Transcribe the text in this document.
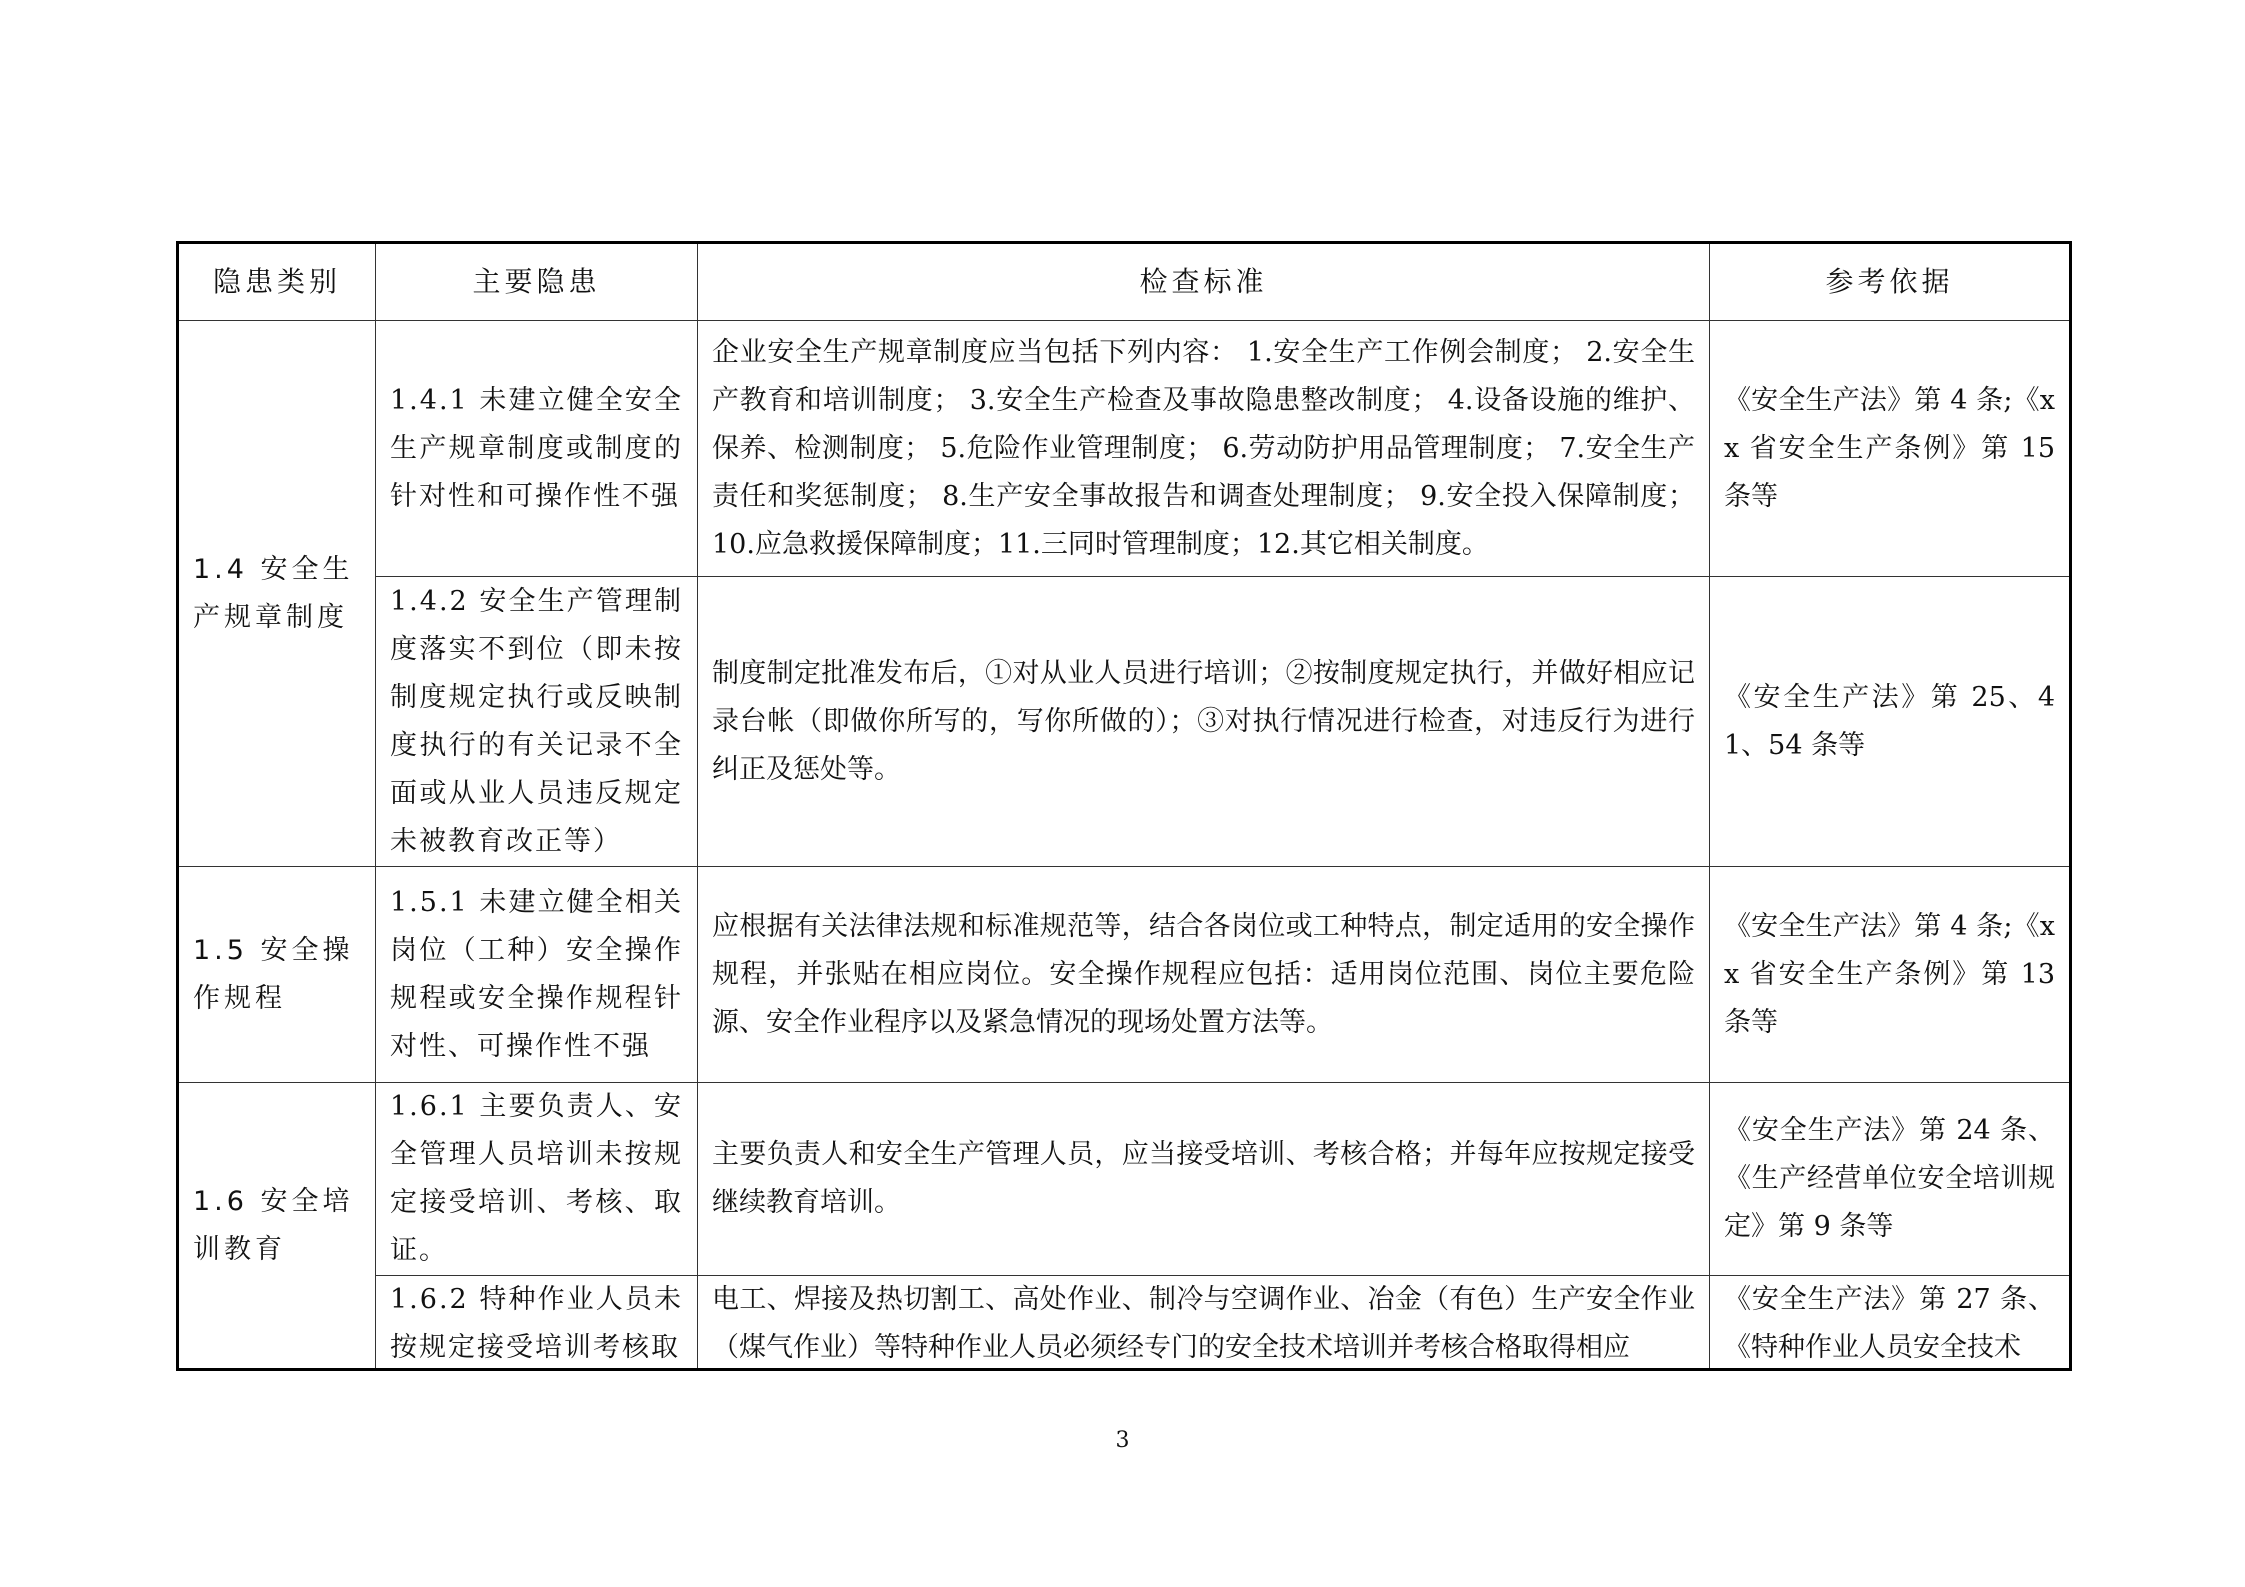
隐患类别	主要隐患	检查标准	参考依据
1.4 安全生产规章制度	1.4.1 未建立健全安全生产规章制度或制度的针对性和可操作性不强	企业安全生产规章制度应当包括下列内容： 1.安全生产工作例会制度； 2.安全生产教育和培训制度； 3.安全生产检查及事故隐患整改制度； 4.设备设施的维护、保养、检测制度； 5.危险作业管理制度； 6.劳动防护用品管理制度； 7.安全生产责任和奖惩制度； 8.生产安全事故报告和调查处理制度； 9.安全投入保障制度； 10.应急救援保障制度；11.三同时管理制度；12.其它相关制度。	《安全生产法》第 4 条;《xx 省安全生产条例》第 15 条等
	1.4.2 安全生产管理制度落实不到位（即未按制度规定执行或反映制度执行的有关记录不全面或从业人员违反规定未被教育改正等）	制度制定批准发布后，①对从业人员进行培训；②按制度规定执行，并做好相应记录台帐（即做你所写的，写你所做的）；③对执行情况进行检查，对违反行为进行纠正及惩处等。	《安全生产法》第 25、41、54 条等
1.5 安全操作规程	1.5.1 未建立健全相关岗位（工种）安全操作规程或安全操作规程针对性、可操作性不强	应根据有关法律法规和标准规范等，结合各岗位或工种特点，制定适用的安全操作规程，并张贴在相应岗位。安全操作规程应包括：适用岗位范围、岗位主要危险源、安全作业程序以及紧急情况的现场处置方法等。	《安全生产法》第 4 条;《xx 省安全生产条例》第 13 条等
1.6 安全培训教育	1.6.1 主要负责人、安全管理人员培训未按规定接受培训、考核、取证。	主要负责人和安全生产管理人员，应当接受培训、考核合格；并每年应按规定接受继续教育培训。	《安全生产法》第 24 条、《生产经营单位安全培训规定》第 9 条等

	1.6.2 特种作业人员未按规定接受培训考核取	电工、焊接及热切割工、高处作业、制冷与空调作业、冶金（有色）生产安全作业（煤气作业）等特种作业人员必须经专门的安全技术培训并考核合格取得相应	《安全生产法》第 27 条、《特种作业人员安全技术
3
